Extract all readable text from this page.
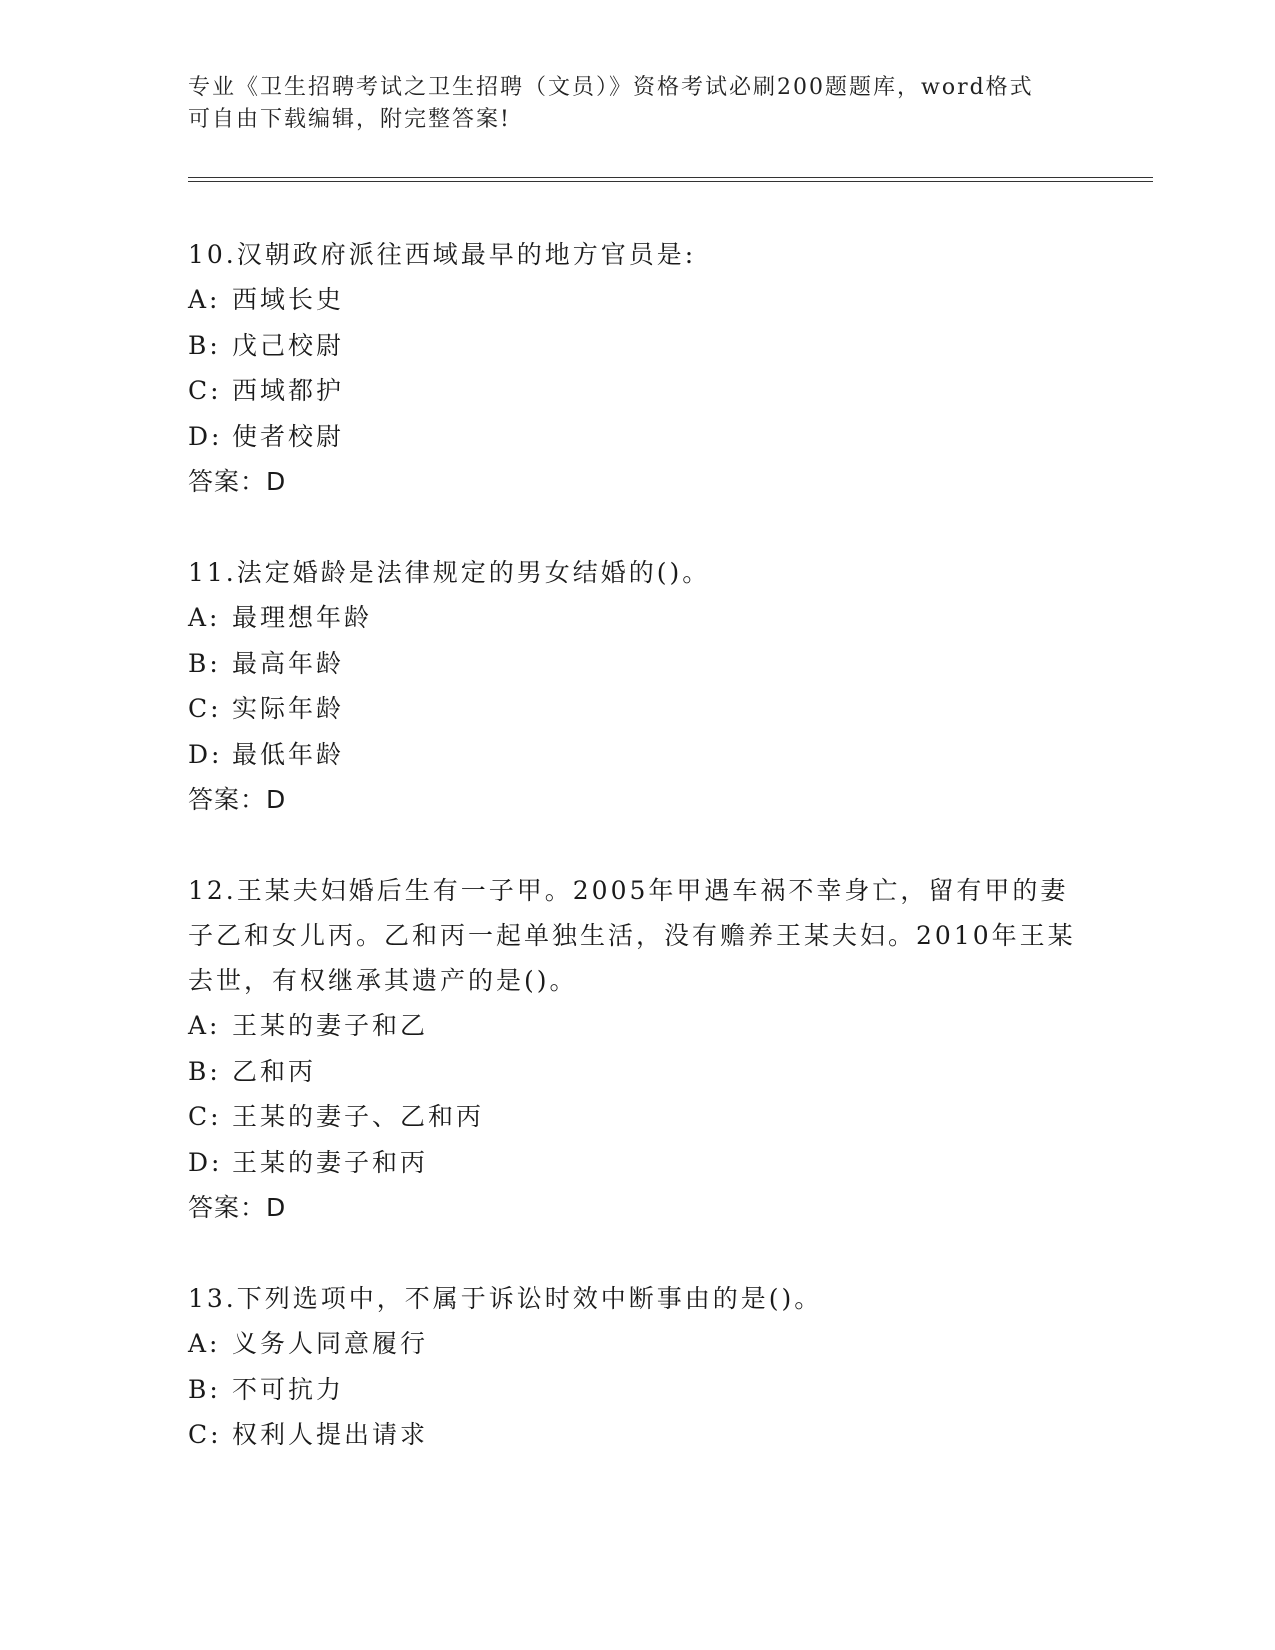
专业《卫生招聘考试之卫生招聘（文员）》资格考试必刷200题题库，word格式
可自由下载编辑，附完整答案!

10.汉朝政府派往西域最早的地方官员是:

A: 西域长史

B: 戊己校尉

C: 西域都护

D: 使者校尉

答案：D

11.法定婚龄是法律规定的男女结婚的()。

A: 最理想年龄

B: 最高年龄

C: 实际年龄

D: 最低年龄

答案：D

12.王某夫妇婚后生有一子甲。2005年甲遇车祸不幸身亡，留有甲的妻子乙和女儿丙。乙和丙一起单独生活，没有赡养王某夫妇。2010年王某去世，有权继承其遗产的是()。

A: 王某的妻子和乙

B: 乙和丙

C: 王某的妻子、乙和丙

D: 王某的妻子和丙

答案：D

13.下列选项中，不属于诉讼时效中断事由的是()。

A: 义务人同意履行

B: 不可抗力

C: 权利人提出请求
